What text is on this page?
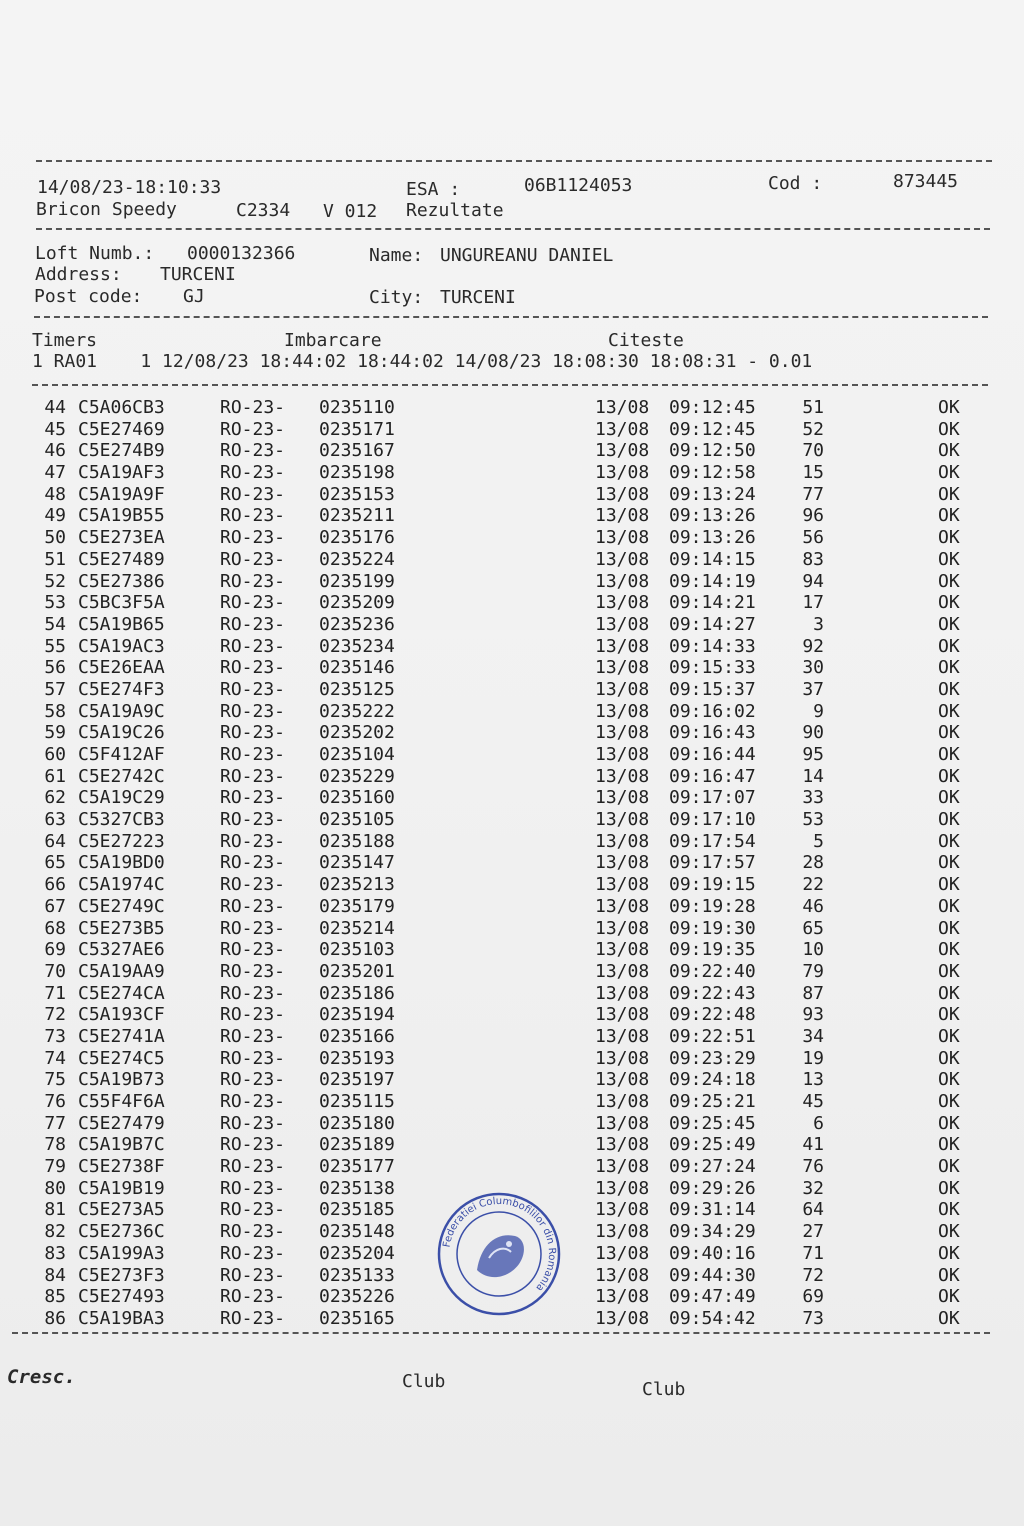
14/08/23-18:10:33	ESA :	06B1124053	Cod :	873445
Bricon Speedy	C2334 V 012 Rezultate
Loft Numb.: 0000132366	Name: UNGUREANU DANIEL
Address: TURCENI
Post code: GJ	City: TURCENI
Timers	Imbarcare	Citeste
1 RA01    1 12/08/23 18:44:02 18:44:02 14/08/23 18:08:30 18:08:31 - 0.01
44 C5A06CB3	RO-23- 0235110	13/08 09:12:45	51	OK
45 C5E27469	RO-23- 0235171	13/08 09:12:45	52	OK
46 C5E274B9	RO-23- 0235167	13/08 09:12:50	70	OK
47 C5A19AF3	RO-23- 0235198	13/08 09:12:58	15	OK
48 C5A19A9F	RO-23- 0235153	13/08 09:13:24	77	OK
49 C5A19B55	RO-23- 0235211	13/08 09:13:26	96	OK
50 C5E273EA	RO-23- 0235176	13/08 09:13:26	56	OK
51 C5E27489	RO-23- 0235224	13/08 09:14:15	83	OK
52 C5E27386	RO-23- 0235199	13/08 09:14:19	94	OK
53 C5BC3F5A	RO-23- 0235209	13/08 09:14:21	17	OK
54 C5A19B65	RO-23- 0235236	13/08 09:14:27	3	OK
55 C5A19AC3	RO-23- 0235234	13/08 09:14:33	92	OK
56 C5E26EAA	RO-23- 0235146	13/08 09:15:33	30	OK
57 C5E274F3	RO-23- 0235125	13/08 09:15:37	37	OK
58 C5A19A9C	RO-23- 0235222	13/08 09:16:02	9	OK
59 C5A19C26	RO-23- 0235202	13/08 09:16:43	90	OK
60 C5F412AF	RO-23- 0235104	13/08 09:16:44	95	OK
61 C5E2742C	RO-23- 0235229	13/08 09:16:47	14	OK
62 C5A19C29	RO-23- 0235160	13/08 09:17:07	33	OK
63 C5327CB3	RO-23- 0235105	13/08 09:17:10	53	OK
64 C5E27223	RO-23- 0235188	13/08 09:17:54	5	OK
65 C5A19BD0	RO-23- 0235147	13/08 09:17:57	28	OK
66 C5A1974C	RO-23- 0235213	13/08 09:19:15	22	OK
67 C5E2749C	RO-23- 0235179	13/08 09:19:28	46	OK
68 C5E273B5	RO-23- 0235214	13/08 09:19:30	65	OK
69 C5327AE6	RO-23- 0235103	13/08 09:19:35	10	OK
70 C5A19AA9	RO-23- 0235201	13/08 09:22:40	79	OK
71 C5E274CA	RO-23- 0235186	13/08 09:22:43	87	OK
72 C5A193CF	RO-23- 0235194	13/08 09:22:48	93	OK
73 C5E2741A	RO-23- 0235166	13/08 09:22:51	34	OK
74 C5E274C5	RO-23- 0235193	13/08 09:23:29	19	OK
75 C5A19B73	RO-23- 0235197	13/08 09:24:18	13	OK
76 C55F4F6A	RO-23- 0235115	13/08 09:25:21	45	OK
77 C5E27479	RO-23- 0235180	13/08 09:25:45	6	OK
78 C5A19B7C	RO-23- 0235189	13/08 09:25:49	41	OK
79 C5E2738F	RO-23- 0235177	13/08 09:27:24	76	OK
80 C5A19B19	RO-23- 0235138	13/08 09:29:26	32	OK
81 C5E273A5	RO-23- 0235185	13/08 09:31:14	64	OK
82 C5E2736C	RO-23- 0235148	13/08 09:34:29	27	OK
83 C5A199A3	RO-23- 0235204	13/08 09:40:16	71	OK
84 C5E273F3	RO-23- 0235133	13/08 09:44:30	72	OK
85 C5E27493	RO-23- 0235226	13/08 09:47:49	69	OK
86 C5A19BA3	RO-23- 0235165	13/08 09:54:42	73	OK
Federatiei Columbofililor din Romania
Cresc.	Club	Club
